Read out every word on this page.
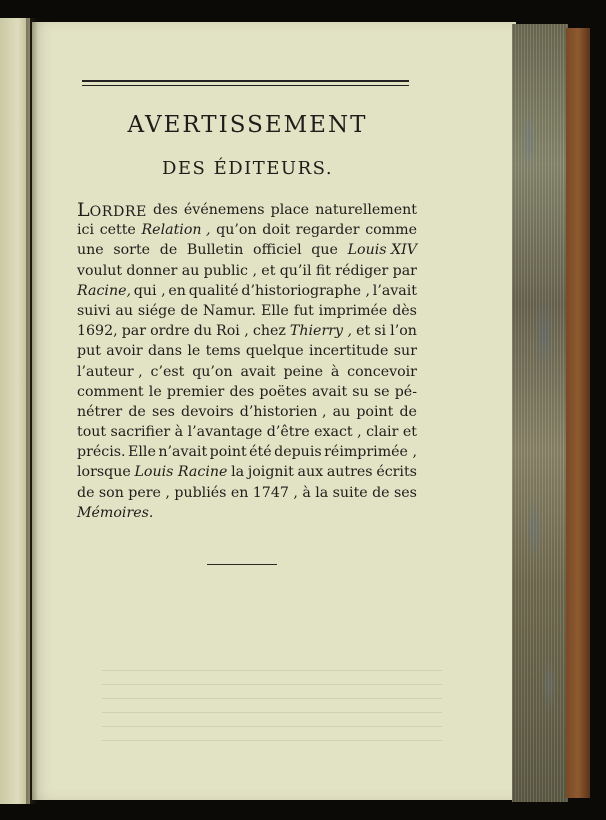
AVERTISSEMENT
DES ÉDITEURS.
LORDRE des événemens place naturellement
ici cette Relation , qu’on doit regarder comme
une sorte de Bulletin officiel que Louis XIV
voulut donner au public , et qu’il fit rédiger par
Racine, qui , en qualité d’historiographe , l’avait
suivi au siége de Namur. Elle fut imprimée dès
1692, par ordre du Roi , chez Thierry , et si l’on
put avoir dans le tems quelque incertitude sur
l’auteur , c’est qu’on avait peine à concevoir
comment le premier des poëtes avait su se pé-
nétrer de ses devoirs d’historien , au point de
tout sacrifier à l’avantage d’être exact , clair et
précis. Elle n’avait point été depuis réimprimée ,
lorsque Louis Racine la joignit aux autres écrits
de son pere , publiés en 1747 , à la suite de ses
Mémoires.
